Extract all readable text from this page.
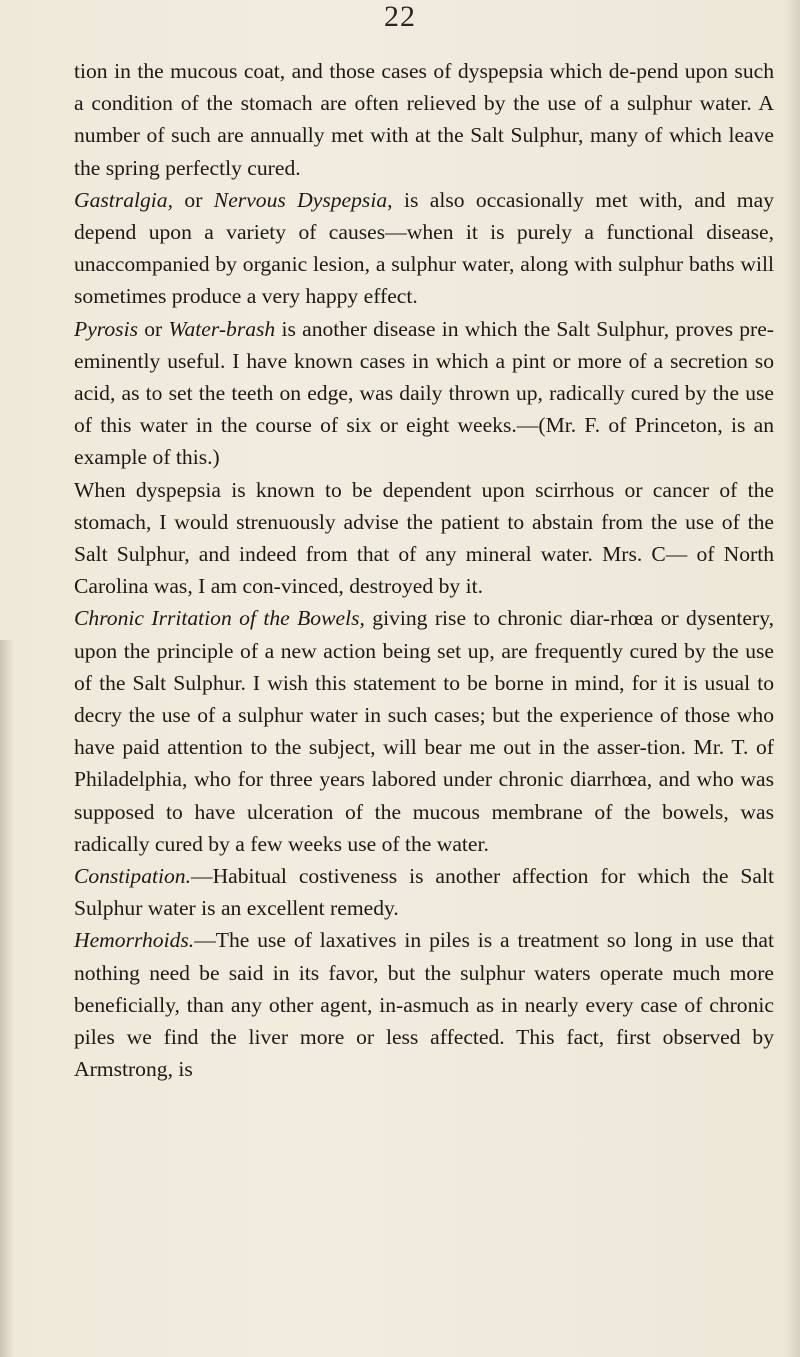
22

tion in the mucous coat, and those cases of dyspepsia which de-pend upon such a condition of the stomach are often relieved by the use of a sulphur water. A number of such are annually met with at the Salt Sulphur, many of which leave the spring perfectly cured.

Gastralgia, or Nervous Dyspepsia, is also occasionally met with, and may depend upon a variety of causes—when it is purely a functional disease, unaccompanied by organic lesion, a sulphur water, along with sulphur baths will sometimes produce a very happy effect.

Pyrosis or Water-brash is another disease in which the Salt Sulphur, proves pre-eminently useful. I have known cases in which a pint or more of a secretion so acid, as to set the teeth on edge, was daily thrown up, radically cured by the use of this water in the course of six or eight weeks.—(Mr. F. of Princeton, is an example of this.)

When dyspepsia is known to be dependent upon scirrhous or cancer of the stomach, I would strenuously advise the patient to abstain from the use of the Salt Sulphur, and indeed from that of any mineral water. Mrs. C— of North Carolina was, I am con-vinced, destroyed by it.

Chronic Irritation of the Bowels, giving rise to chronic diar-rhœa or dysentery, upon the principle of a new action being set up, are frequently cured by the use of the Salt Sulphur. I wish this statement to be borne in mind, for it is usual to decry the use of a sulphur water in such cases; but the experience of those who have paid attention to the subject, will bear me out in the asser-tion. Mr. T. of Philadelphia, who for three years labored under chronic diarrhœa, and who was supposed to have ulceration of the mucous membrane of the bowels, was radically cured by a few weeks use of the water.

Constipation.—Habitual costiveness is another affection for which the Salt Sulphur water is an excellent remedy.

Hemorrhoids.—The use of laxatives in piles is a treatment so long in use that nothing need be said in its favor, but the sulphur waters operate much more beneficially, than any other agent, in-asmuch as in nearly every case of chronic piles we find the liver more or less affected. This fact, first observed by Armstrong, is
